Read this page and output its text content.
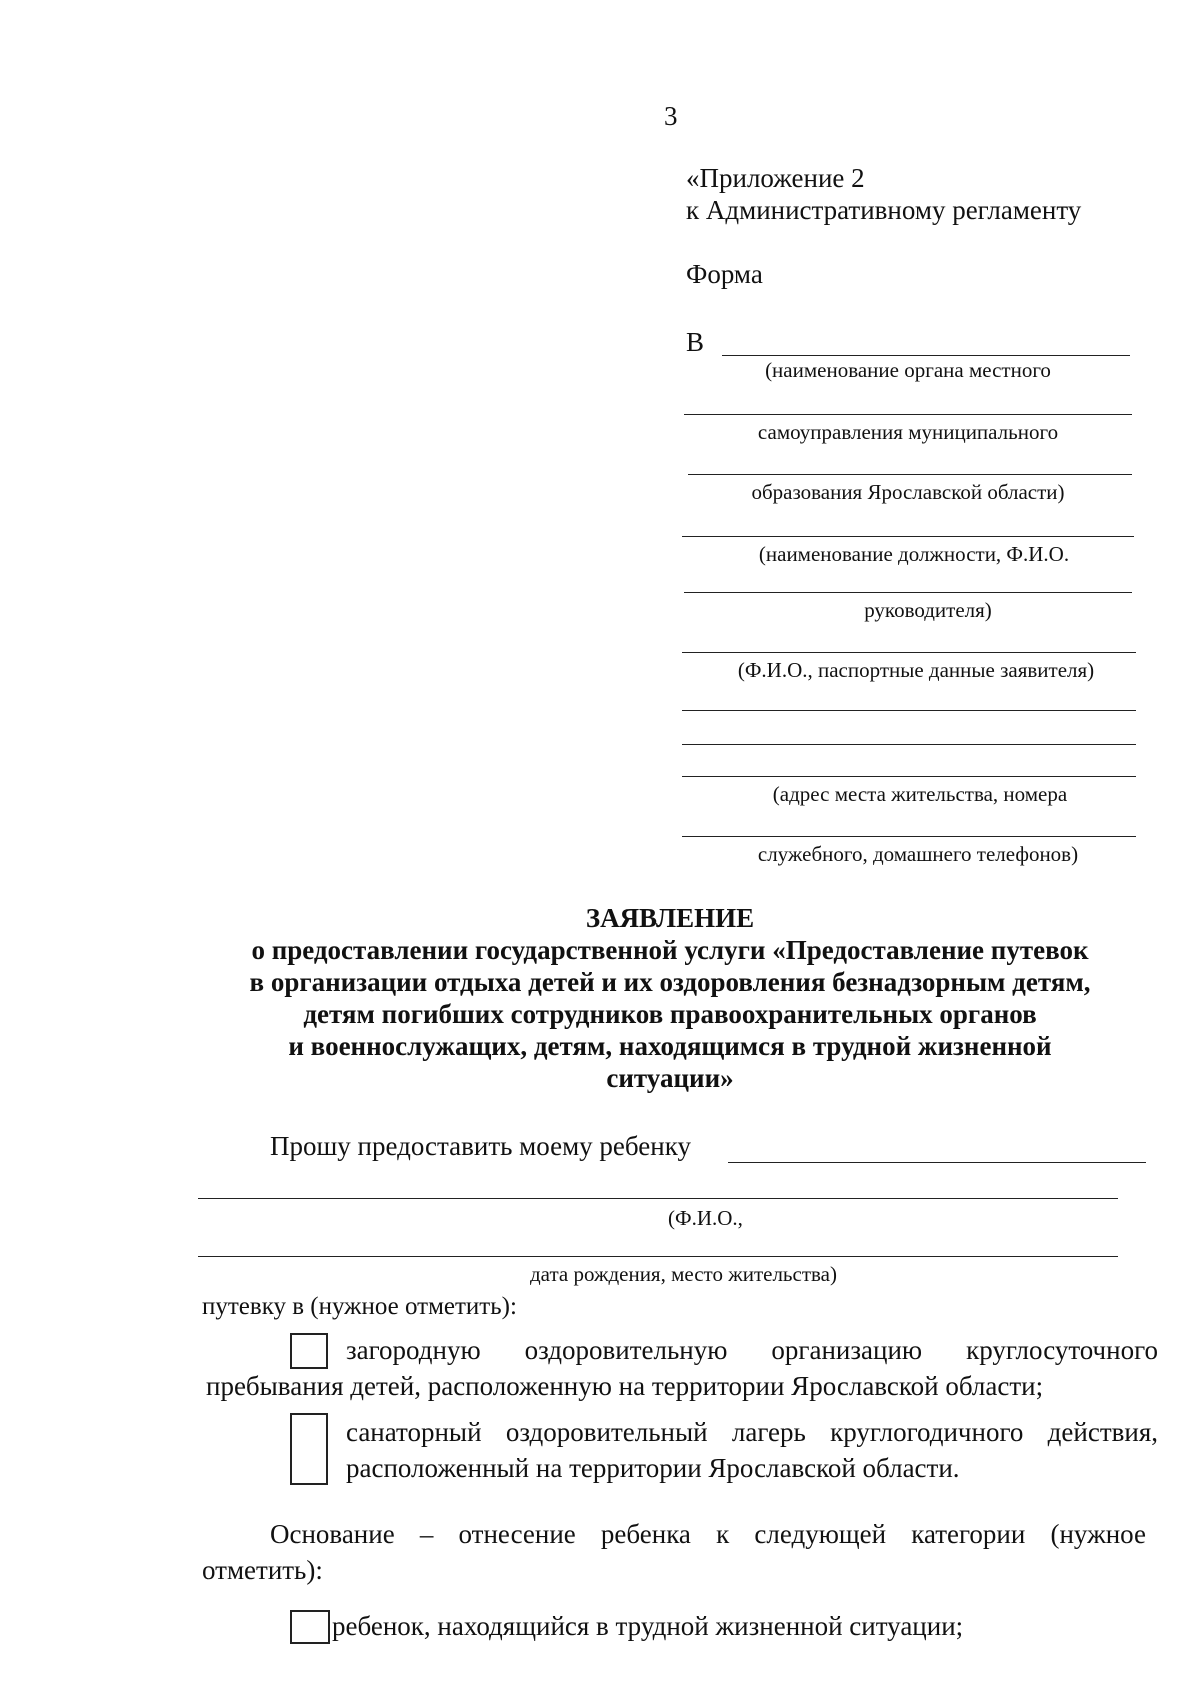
3
«Приложение 2
к Административному регламенту
Форма
В
(наименование органа местного
самоуправления муниципального
образования Ярославской области)
(наименование должности, Ф.И.О.
руководителя)
(Ф.И.О., паспортные данные заявителя)
(адрес места жительства, номера
служебного, домашнего телефонов)
ЗАЯВЛЕНИЕ
о предоставлении государственной услуги «Предоставление путевок
в организации отдыха детей и их оздоровления безнадзорным детям,
детям погибших сотрудников правоохранительных органов
и военнослужащих, детям, находящимся в трудной жизненной
ситуации»
Прошу предоставить моему ребенку
(Ф.И.О.,
дата рождения, место жительства)
путевку в (нужное отметить):
загородную оздоровительную организацию круглосуточного
пребывания детей, расположенную на территории Ярославской области;
санаторный оздоровительный лагерь круглогодичного действия,
расположенный на территории Ярославской области.
Основание – отнесение ребенка к следующей категории (нужное
отметить):
ребенок, находящийся в трудной жизненной ситуации;
